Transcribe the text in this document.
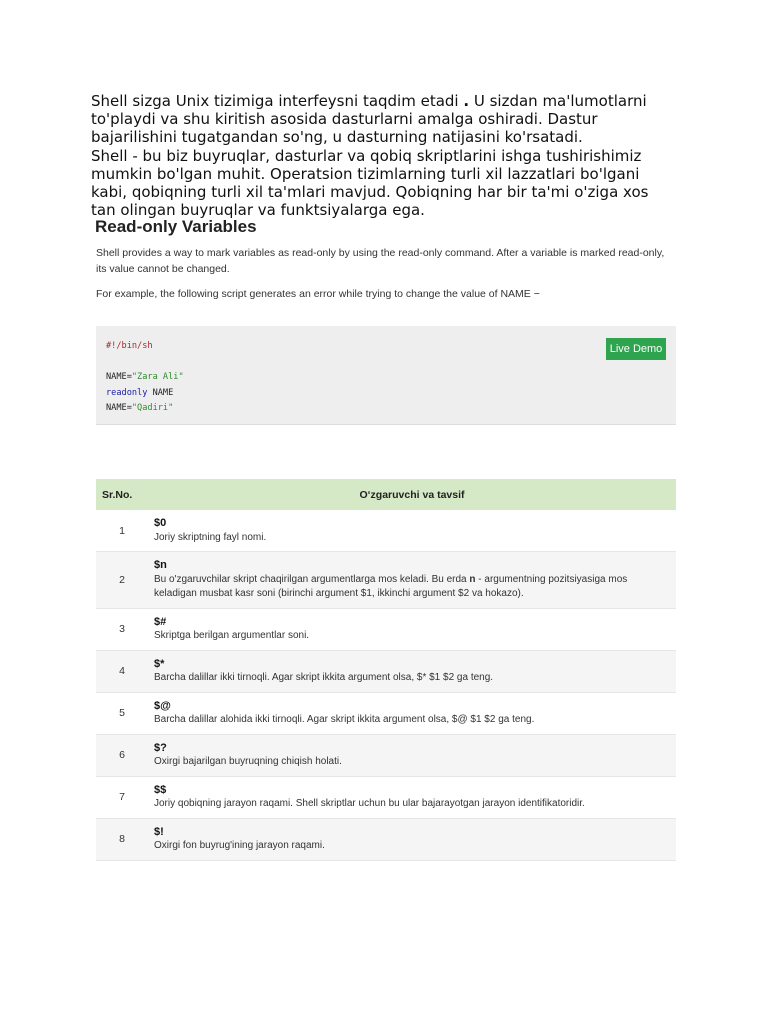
Shell sizga Unix tizimiga interfeysni taqdim etadi . U sizdan ma'lumotlarni to'playdi va shu kiritish asosida dasturlarni amalga oshiradi. Dastur bajarilishini tugatgandan so'ng, u dasturning natijasini ko'rsatadi.

Shell - bu biz buyruqlar, dasturlar va qobiq skriptlarini ishga tushirishimiz mumkin bo'lgan muhit. Operatsion tizimlarning turli xil lazzatlari bo'lgani kabi, qobiqning turli xil ta'mlari mavjud. Qobiqning har bir ta'mi o'ziga xos tan olingan buyruqlar va funktsiyalarga ega.

Read-only Variables

Shell provides a way to mark variables as read-only by using the read-only command. After a variable is marked read-only, its value cannot be changed.

For example, the following script generates an error while trying to change the value of NAME −

#!/bin/sh

NAME="Zara Ali"
readonly NAME
NAME="Qadiri"
Live Demo
Sr.No.	O‘zgaruvchi va tavsif
1	$0
Joriy skriptning fayl nomi.
2	$n
Bu o'zgaruvchilar skript chaqirilgan argumentlarga mos keladi. Bu erda n - argumentning pozitsiyasiga mos keladigan musbat kasr soni (birinchi argument $1, ikkinchi argument $2 va hokazo).
3	$#
Skriptga berilgan argumentlar soni.
4	$*
Barcha dalillar ikki tirnoqli. Agar skript ikkita argument olsa, $* $1 $2 ga teng.
5	$@
Barcha dalillar alohida ikki tirnoqli. Agar skript ikkita argument olsa, $@ $1 $2 ga teng.
6	$?
Oxirgi bajarilgan buyruqning chiqish holati.
7	$$
Joriy qobiqning jarayon raqami. Shell skriptlar uchun bu ular bajarayotgan jarayon identifikatoridir.
8	$!
Oxirgi fon buyrug'ining jarayon raqami.
